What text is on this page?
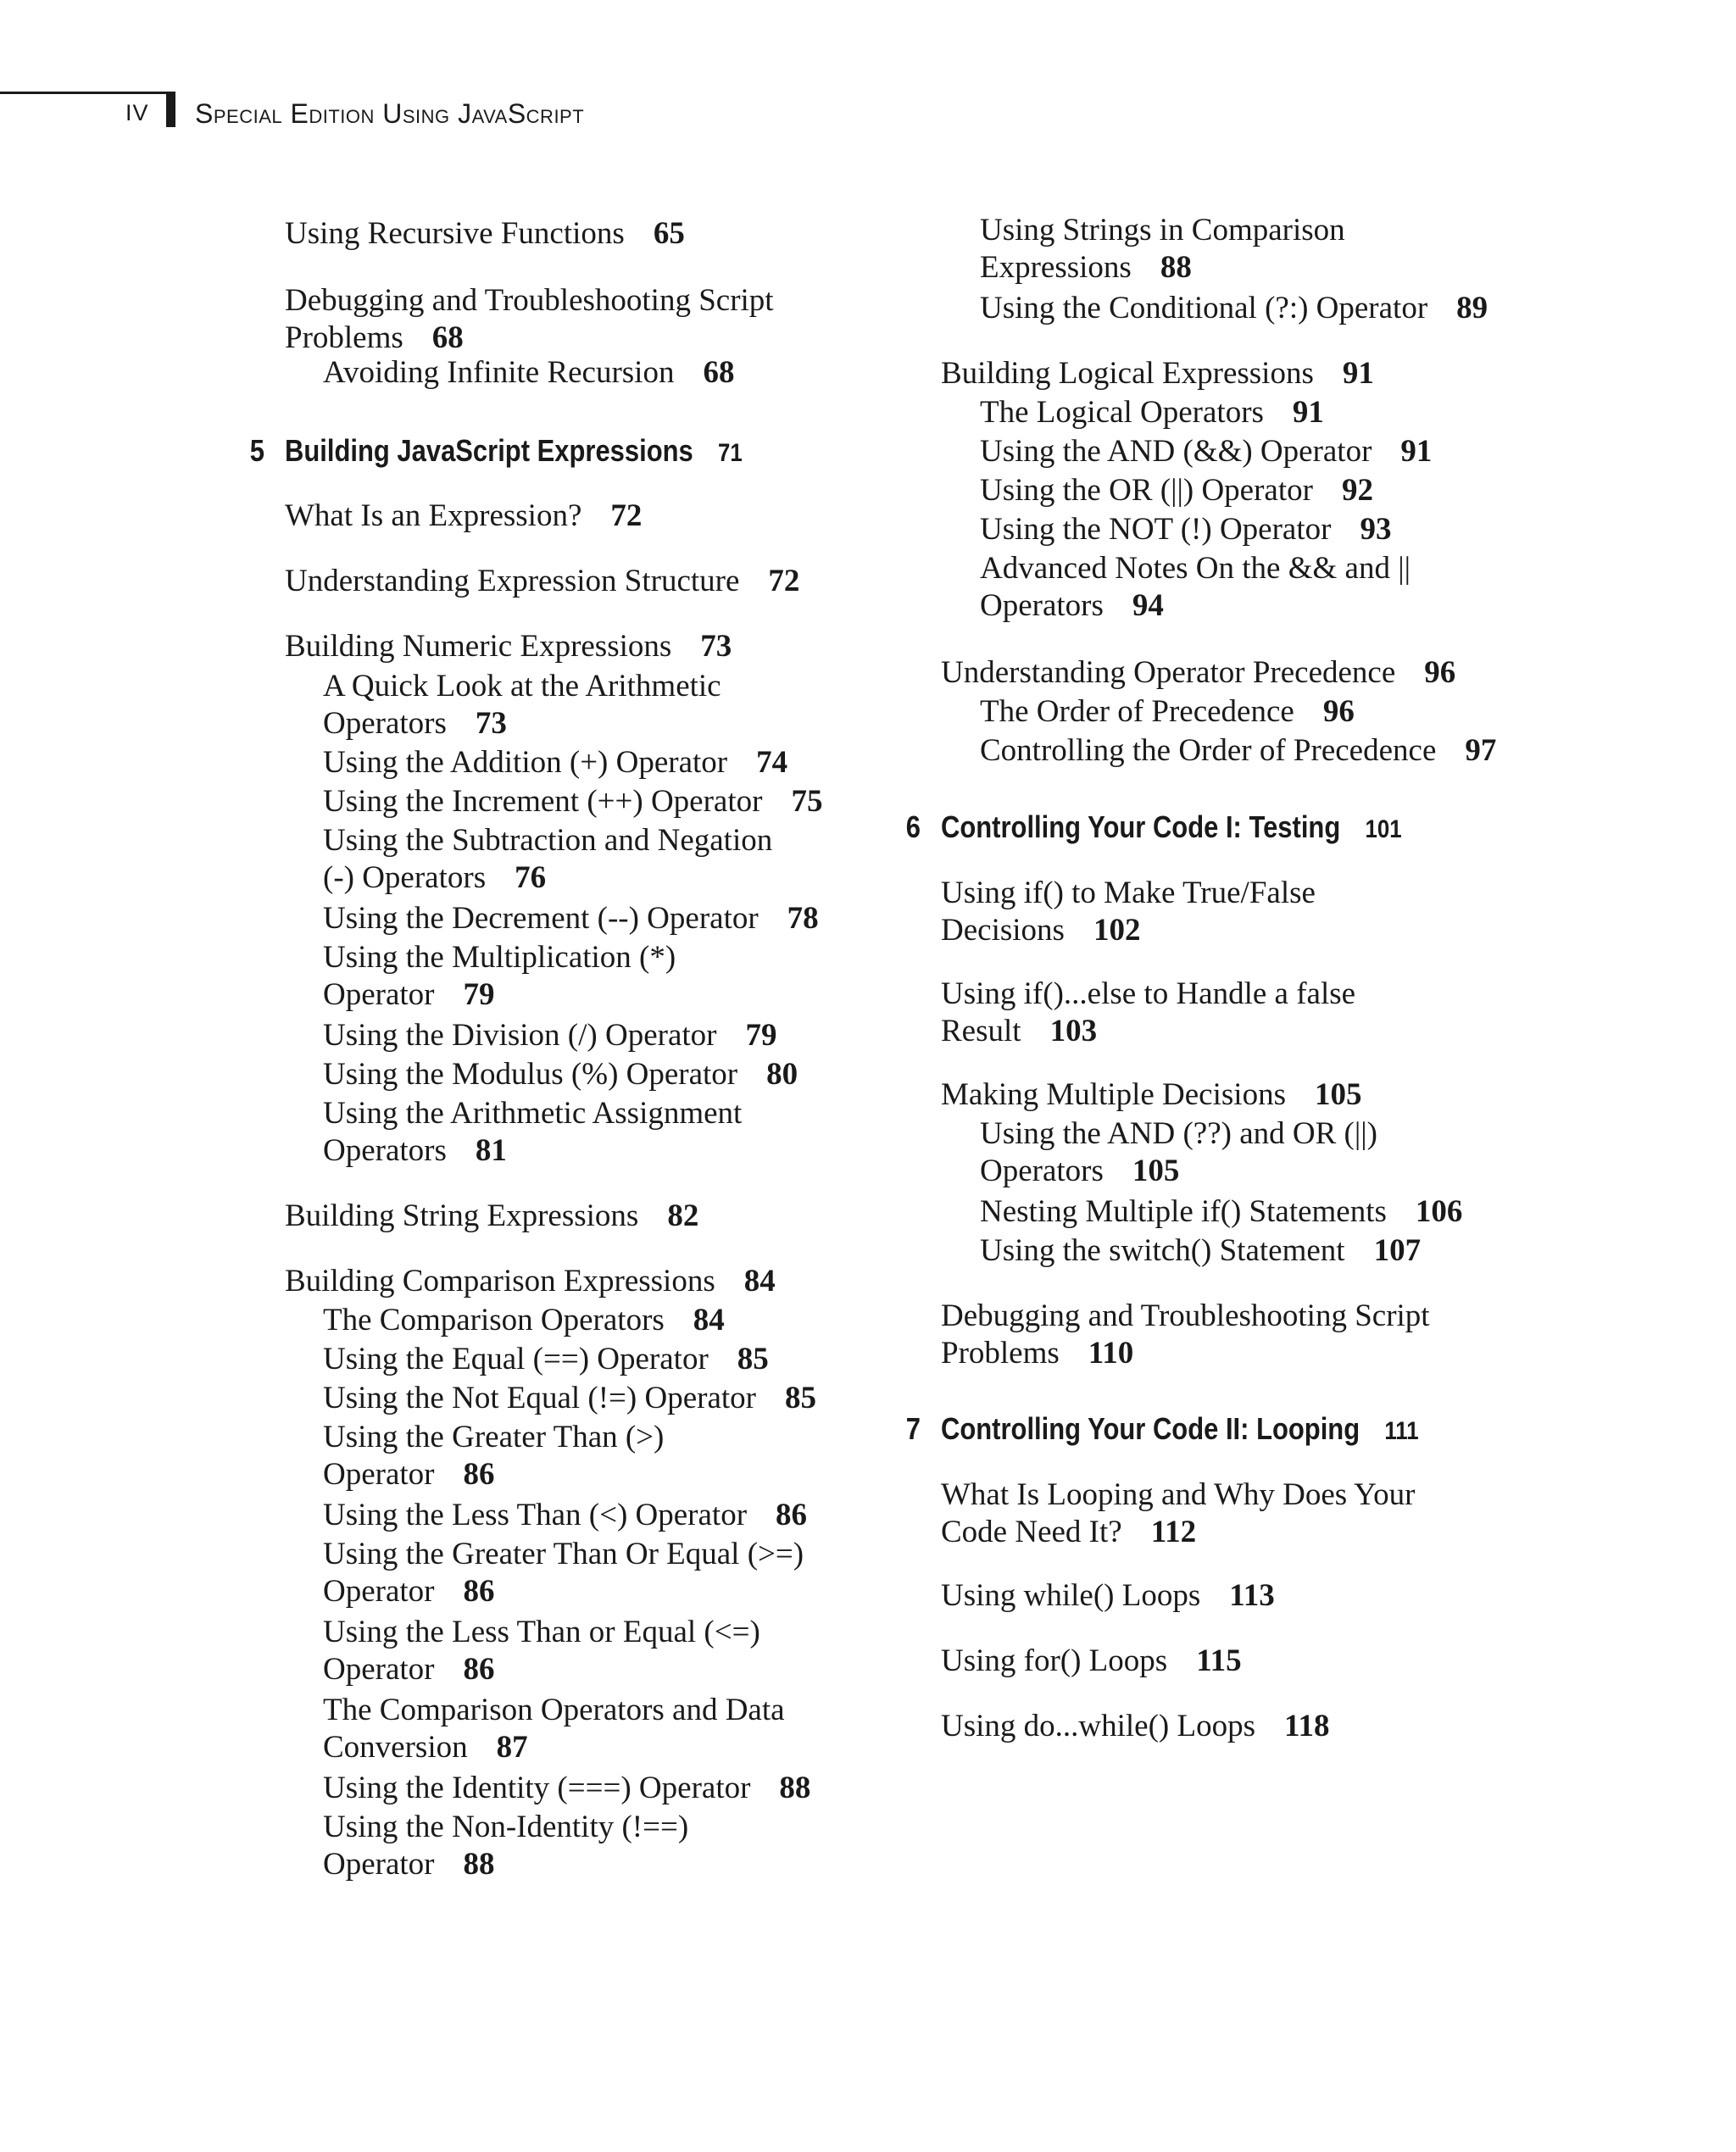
IV Special Edition Using JavaScript
Using Recursive Functions 65
Debugging and Troubleshooting Script
Problems 68
Avoiding Infinite Recursion 68
5 Building JavaScript Expressions 71
What Is an Expression? 72
Understanding Expression Structure 72
Building Numeric Expressions 73
A Quick Look at the Arithmetic
Operators 73
Using the Addition (+) Operator 74
Using the Increment (++) Operator 75
Using the Subtraction and Negation
(-) Operators 76
Using the Decrement (--) Operator 78
Using the Multiplication (*)
Operator 79
Using the Division (/) Operator 79
Using the Modulus (%) Operator 80
Using the Arithmetic Assignment
Operators 81
Building String Expressions 82
Building Comparison Expressions 84
The Comparison Operators 84
Using the Equal (==) Operator 85
Using the Not Equal (!=) Operator 85
Using the Greater Than (>)
Operator 86
Using the Less Than (<) Operator 86
Using the Greater Than Or Equal (>=)
Operator 86
Using the Less Than or Equal (<=)
Operator 86
The Comparison Operators and Data
Conversion 87
Using the Identity (===) Operator 88
Using the Non-Identity (!==)
Operator 88
Using Strings in Comparison
Expressions 88
Using the Conditional (?:) Operator 89
Building Logical Expressions 91
The Logical Operators 91
Using the AND (&&) Operator 91
Using the OR (||) Operator 92
Using the NOT (!) Operator 93
Advanced Notes On the && and ||
Operators 94
Understanding Operator Precedence 96
The Order of Precedence 96
Controlling the Order of Precedence 97
6 Controlling Your Code I: Testing 101
Using if() to Make True/False
Decisions 102
Using if()...else to Handle a false
Result 103
Making Multiple Decisions 105
Using the AND (??) and OR (||)
Operators 105
Nesting Multiple if() Statements 106
Using the switch() Statement 107
Debugging and Troubleshooting Script
Problems 110
7 Controlling Your Code II: Looping 111
What Is Looping and Why Does Your
Code Need It? 112
Using while() Loops 113
Using for() Loops 115
Using do...while() Loops 118
